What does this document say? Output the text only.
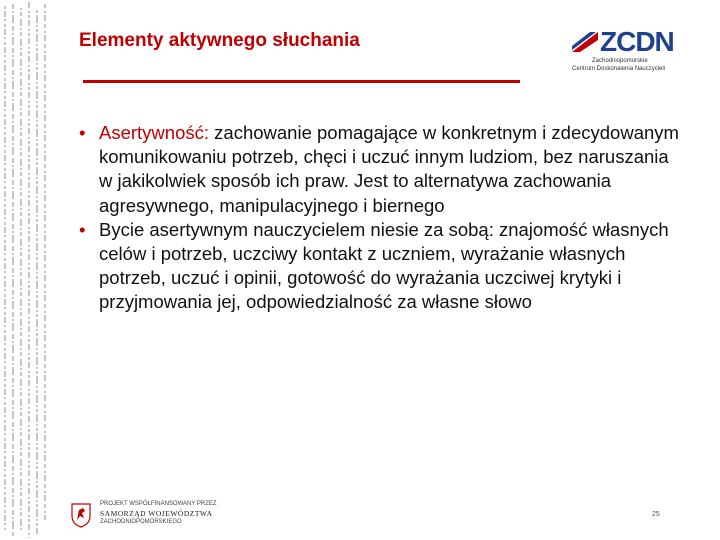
Elementy aktywnego słuchania	ZCDN
Zachodniopomorskie
Centrum Doskonalenia Nauczycieli

• Asertywność: zachowanie pomagające w konkretnym i zdecydowanym komunikowaniu potrzeb, chęci i uczuć innym ludziom, bez naruszania w jakikolwiek sposób ich praw. Jest to alternatywa zachowania agresywnego, manipulacyjnego i biernego

• Bycie asertywnym nauczycielem niesie za sobą: znajomość własnych celów i potrzeb, uczciwy kontakt z uczniem, wyrażanie własnych potrzeb, uczuć i opinii, gotowość do wyrażania uczciwej krytyki i przyjmowania jej, odpowiedzialność za własne słowo

PROJEKT WSPÓŁFINANSOWANY PRZEZ
SAMORZĄD WOJEWÓDZTWA
ZACHODNIOPOMORSKIEGO
25
